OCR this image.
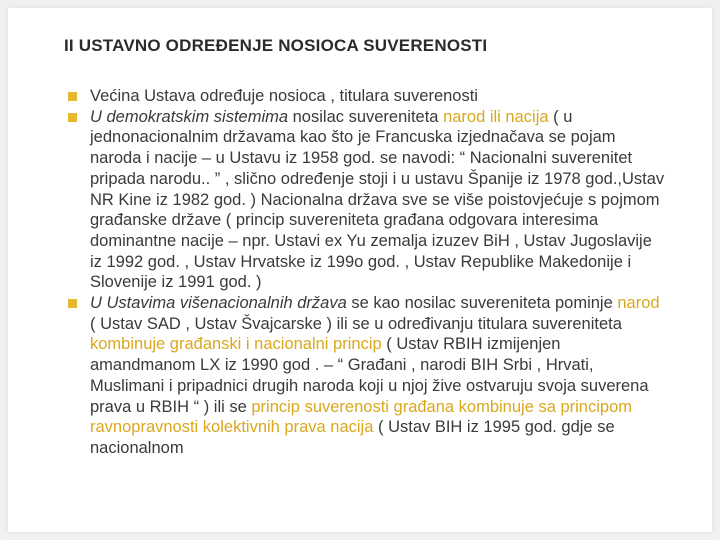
II USTAVNO ODREĐENJE NOSIOCA SUVERENOSTI
Većina Ustava određuje nosioca , titulara suverenosti
U demokratskim sistemima nosilac suvereniteta narod ili nacija ( u jednonacionalnim državama kao što je Francuska izjednačava se pojam naroda i nacije – u Ustavu iz 1958 god. se navodi: “ Nacionalni suverenitet pripada narodu.. ” , slično određenje stoji i u ustavu Španije iz 1978 god.,Ustav NR Kine iz 1982 god. ) Nacionalna država sve se više poistovjećuje s pojmom građanske države ( princip suvereniteta građana odgovara interesima dominantne nacije – npr. Ustavi ex Yu zemalja izuzev BiH , Ustav Jugoslavije iz 1992 god. , Ustav Hrvatske iz 199o god. , Ustav Republike Makedonije i Slovenije iz 1991 god. )
U Ustavima višenacionalnih država se kao nosilac suvereniteta pominje narod ( Ustav SAD , Ustav Švajcarske ) ili se u određivanju titulara suvereniteta kombinuje građanski i nacionalni princip ( Ustav RBIH izmijenjen amandmanom LX iz 1990 god . – “ Građani , narodi BIH Srbi , Hrvati, Muslimani i pripadnici drugih naroda koji u njoj žive ostvaruju svoja suverena prava u RBIH “ ) ili se princip suverenosti građana kombinuje sa principom ravnopravnosti kolektivnih prava nacija ( Ustav BIH iz 1995 god. gdje se nacionalnom
